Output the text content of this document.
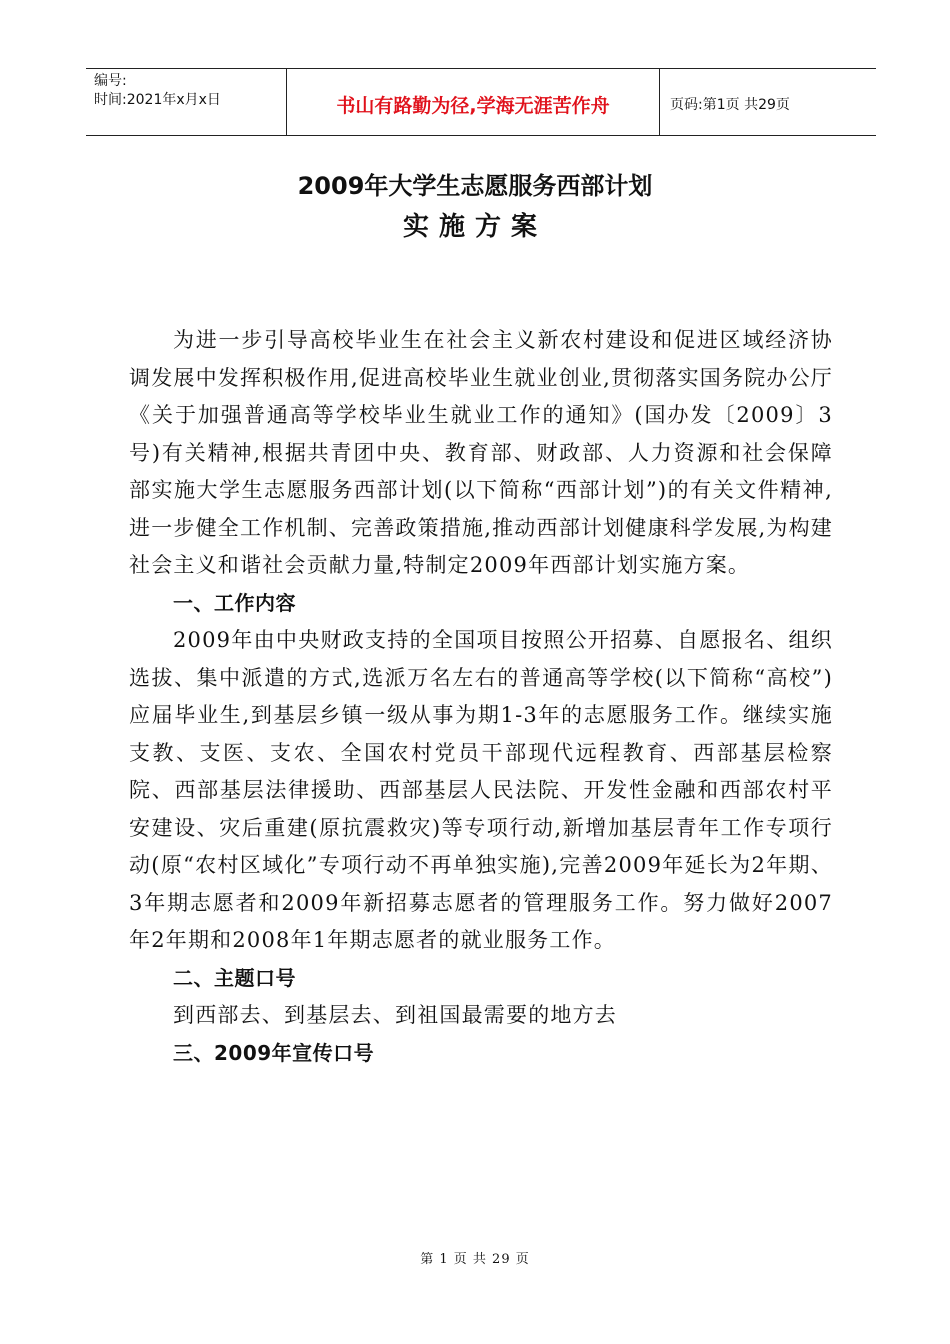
编号:
时间:2021年x月x日	书山有路勤为径,学海无涯苦作舟	页码:第1页 共29页
2009年大学生志愿服务西部计划
实施方案

为进一步引导高校毕业生在社会主义新农村建设和促进区域经济协调发展中发挥积极作用,促进高校毕业生就业创业,贯彻落实国务院办公厅《关于加强普通高等学校毕业生就业工作的通知》(国办发〔2009〕3号)有关精神,根据共青团中央、教育部、财政部、人力资源和社会保障部实施大学生志愿服务西部计划(以下简称“西部计划”)的有关文件精神,进一步健全工作机制、完善政策措施,推动西部计划健康科学发展,为构建社会主义和谐社会贡献力量,特制定2009年西部计划实施方案。

一、工作内容

2009年由中央财政支持的全国项目按照公开招募、自愿报名、组织选拔、集中派遣的方式,选派万名左右的普通高等学校(以下简称“高校”)应届毕业生,到基层乡镇一级从事为期1-3年的志愿服务工作。继续实施支教、支医、支农、全国农村党员干部现代远程教育、西部基层检察院、西部基层法律援助、西部基层人民法院、开发性金融和西部农村平安建设、灾后重建(原抗震救灾)等专项行动,新增加基层青年工作专项行动(原“农村区域化”专项行动不再单独实施),完善2009年延长为2年期、3年期志愿者和2009年新招募志愿者的管理服务工作。努力做好2007年2年期和2008年1年期志愿者的就业服务工作。

二、主题口号

到西部去、到基层去、到祖国最需要的地方去

三、2009年宣传口号

第 1 页 共 29 页
